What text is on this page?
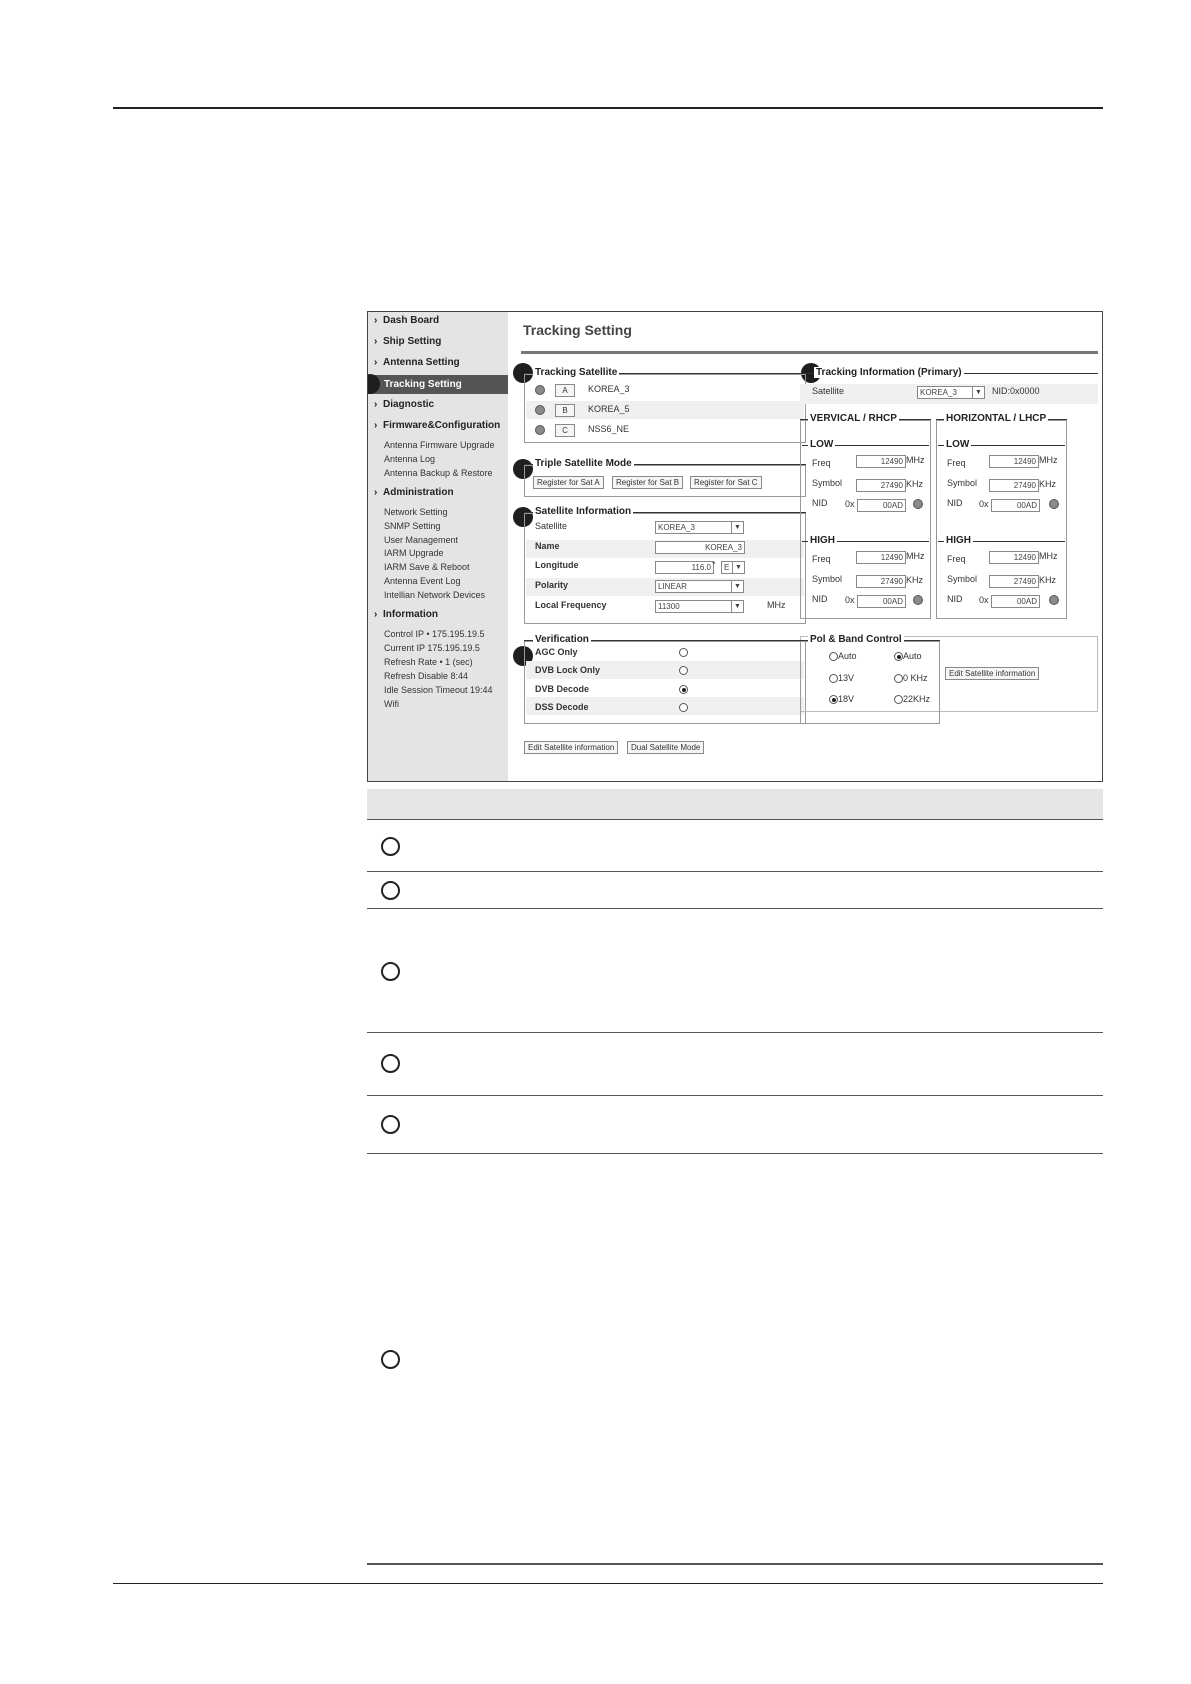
› Dash Board
› Ship Setting
› Antenna Setting
Tracking Setting
› Diagnostic
› Firmware&Configuration
Antenna Firmware Upgrade
Antenna Log
Antenna Backup & Restore
› Administration
Network Setting
SNMP Setting
User Management
IARM Upgrade
IARM Save & Reboot
Antenna Event Log
Intellian Network Devices
› Information
Control IP • 175.195.19.5
Current IP 175.195.19.5
Refresh Rate • 1 (sec)
Refresh Disable 8:44
Idle Session Timeout 19:44
Wifi
Tracking Setting
Tracking Satellite
A	KOREA_3
B	KOREA_5
C	NSS6_NE
Triple Satellite Mode
Register for Sat A	Register for Sat B	Register for Sat C
Satellite Information
Satellite	KOREA_3	▼
Name	KOREA_3
Longitude	116.0 °	E ▼
Polarity	LINEAR	▼
Local Frequency	11300	▼	MHz
Verification
AGC Only
DVB Lock Only
DVB Decode
DSS Decode
Edit Satellite information	Dual Satellite Mode
Tracking Information (Primary)
Satellite	KOREA_3	▼ NID:0x0000
VERVICAL / RHCP
LOW
Freq	12490 MHz
Symbol	27490 KHz
NID 0x	00AD
HIGH
Freq	12490 MHz
Symbol	27490 KHz
NID 0x	00AD
HORIZONTAL / LHCP
LOW
Freq	12490 MHz
Symbol	27490 KHz
NID 0x	00AD
HIGH
Freq	12490 MHz
Symbol	27490 KHz
NID 0x	00AD
Pol & Band Control
Auto	Auto
13V	0 KHz
18V	22KHz
Edit Satellite information
